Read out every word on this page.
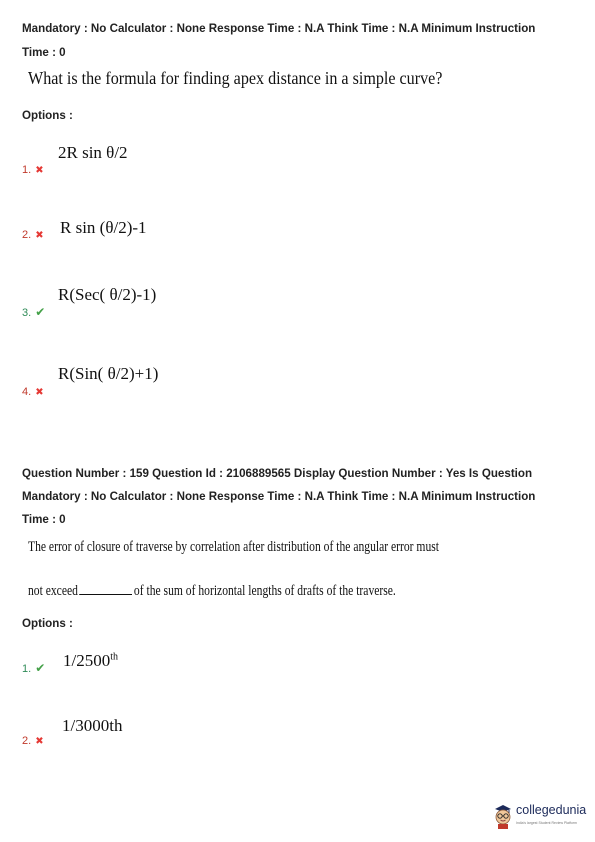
Mandatory : No Calculator : None Response Time : N.A Think Time : N.A Minimum Instruction
Time : 0
What is the formula for finding apex distance in a simple curve?
Options :
2R sin θ/2
1. ✖
R sin (θ/2)-1
2. ✖
R(Sec( θ/2)-1)
3. ✔
R(Sin( θ/2)+1)
4. ✖
Question Number : 159 Question Id : 2106889565 Display Question Number : Yes Is Question
Mandatory : No Calculator : None Response Time : N.A Think Time : N.A Minimum Instruction
Time : 0
The error of closure of traverse by correlation after distribution of the angular error must
not exceed	of the sum of horizontal lengths of drafts of the traverse.
Options :
1/2500th
1. ✔
1/3000th
2. ✖
collegedunia
India's largest Student Review Platform
